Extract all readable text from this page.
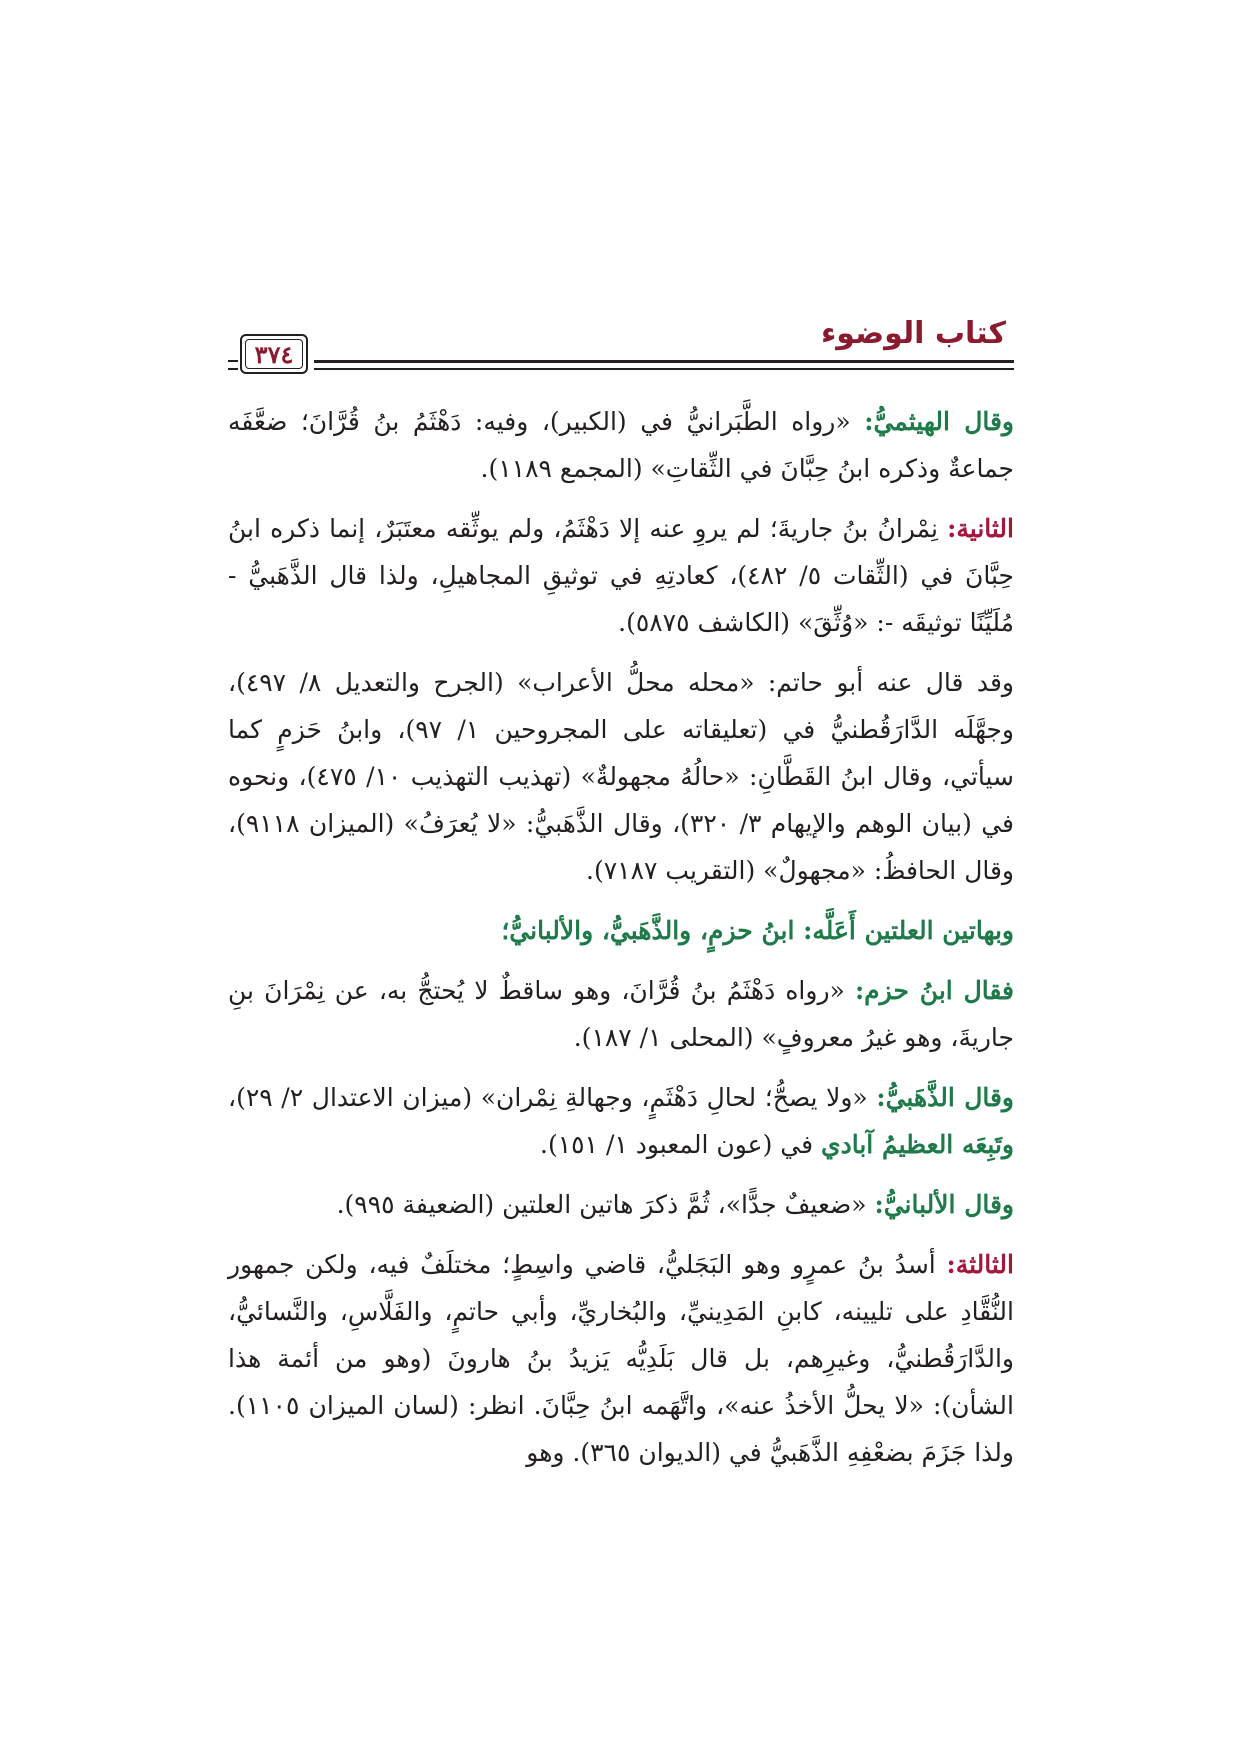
كتاب الوضوء
٣٧٤

وقال الهيثميُّ: «رواه الطَّبَرانيُّ في (الكبير)، وفيه: دَهْثَمُ بنُ قُرَّانَ؛ ضعَّفَه جماعةٌ وذكره ابنُ حِبَّانَ في الثِّقاتِ» (المجمع ١١٨٩).

الثانية: نِمْرانُ بنُ جاريةَ؛ لم يروِ عنه إلا دَهْثَمُ، ولم يوثِّقه معتَبَرٌ، إنما ذكره ابنُ حِبَّانَ في (الثِّقات ٥/ ٤٨٢)، كعادتِهِ في توثيقِ المجاهيلِ، ولذا قال الذَّهَبيُّ - مُلَيِّنًا توثيقَه -: «وُثِّقَ» (الكاشف ٥٨٧٥).

وقد قال عنه أبو حاتم: «محله محلُّ الأعراب» (الجرح والتعديل ٨/ ٤٩٧)، وجهَّلَه الدَّارَقُطنيُّ في (تعليقاته على المجروحين ١/ ٩٧)، وابنُ حَزمٍ كما سيأتي، وقال ابنُ القَطَّانِ: «حالُهُ مجهولةٌ» (تهذيب التهذيب ١٠/ ٤٧٥)، ونحوه في (بيان الوهم والإيهام ٣/ ٣٢٠)، وقال الذَّهَبيُّ: «لا يُعرَفُ» (الميزان ٩١١٨)، وقال الحافظُ: «مجهولٌ» (التقريب ٧١٨٧).

وبهاتين العلتين أَعَلَّه: ابنُ حزمٍ، والذَّهَبيُّ، والألبانيُّ؛

فقال ابنُ حزم: «رواه دَهْثَمُ بنُ قُرَّانَ، وهو ساقطٌ لا يُحتجُّ به، عن نِمْرَانَ بنِ جاريةَ، وهو غيرُ معروفٍ» (المحلى ١/ ١٨٧).

وقال الذَّهَبيُّ: «ولا يصحُّ؛ لحالِ دَهْثَمٍ، وجهالةِ نِمْران» (ميزان الاعتدال ٢/ ٢٩)، وتَبِعَه العظيمُ آبادي في (عون المعبود ١/ ١٥١).

وقال الألبانيُّ: «ضعيفٌ جدًّا»، ثُمَّ ذكرَ هاتين العلتين (الضعيفة ٩٩٥).

الثالثة: أسدُ بنُ عمرٍو وهو البَجَليُّ، قاضي واسِطٍ؛ مختلَفٌ فيه، ولكن جمهور النُّقَّادِ على تليينه، كابنِ المَدِينيِّ، والبُخاريِّ، وأبي حاتمٍ، والفَلَّاسِ، والنَّسائيُّ، والدَّارَقُطنيُّ، وغيرِهم، بل قال بَلَدِيُّه يَزيدُ بنُ هارونَ (وهو من أئمة هذا الشأن): «لا يحلُّ الأخذُ عنه»، واتَّهَمه ابنُ حِبَّانَ. انظر: (لسان الميزان ١١٠٥). ولذا جَزَمَ بضعْفِهِ الذَّهَبيُّ في (الديوان ٣٦٥). وهو
